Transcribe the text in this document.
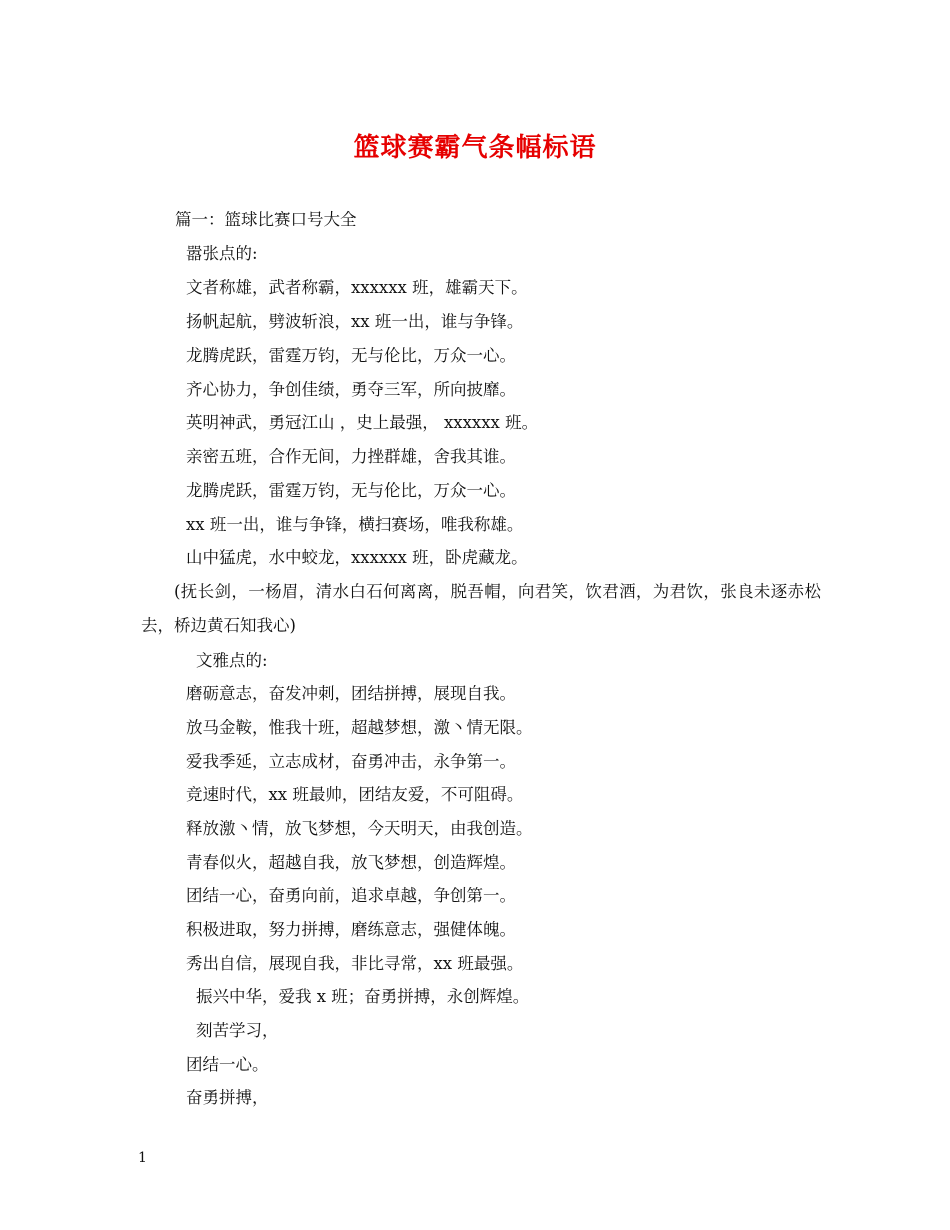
篮球赛霸气条幅标语
篇一：篮球比赛口号大全
嚣张点的:
文者称雄，武者称霸，xxxxxx 班，雄霸天下。
扬帆起航，劈波斩浪，xx 班一出，谁与争锋。
龙腾虎跃，雷霆万钧，无与伦比，万众一心。
齐心协力，争创佳绩，勇夺三军，所向披靡。
英明神武，勇冠江山 ，史上最强， xxxxxx 班。
亲密五班，合作无间，力挫群雄，舍我其谁。
龙腾虎跃，雷霆万钧，无与伦比，万众一心。
xx 班一出，谁与争锋，横扫赛场，唯我称雄。
山中猛虎，水中蛟龙，xxxxxx 班，卧虎藏龙。
(抚长剑，一杨眉，清水白石何离离，脱吾帽，向君笑，饮君酒，为君饮，张良未逐赤松去，桥边黄石知我心)
文雅点的:
磨砺意志，奋发冲刺，团结拼搏，展现自我。
放马金鞍，惟我十班，超越梦想，激丶情无限。
爱我季延，立志成材，奋勇冲击，永争第一。
竞速时代，xx 班最帅，团结友爱，不可阻碍。
释放激丶情，放飞梦想，今天明天，由我创造。
青春似火，超越自我，放飞梦想，创造辉煌。
团结一心，奋勇向前，追求卓越，争创第一。
积极进取，努力拼搏，磨练意志，强健体魄。
秀出自信，展现自我，非比寻常，xx 班最强。
振兴中华，爱我 x 班；奋勇拼搏，永创辉煌。
刻苦学习，
团结一心。
奋勇拼搏，
1
